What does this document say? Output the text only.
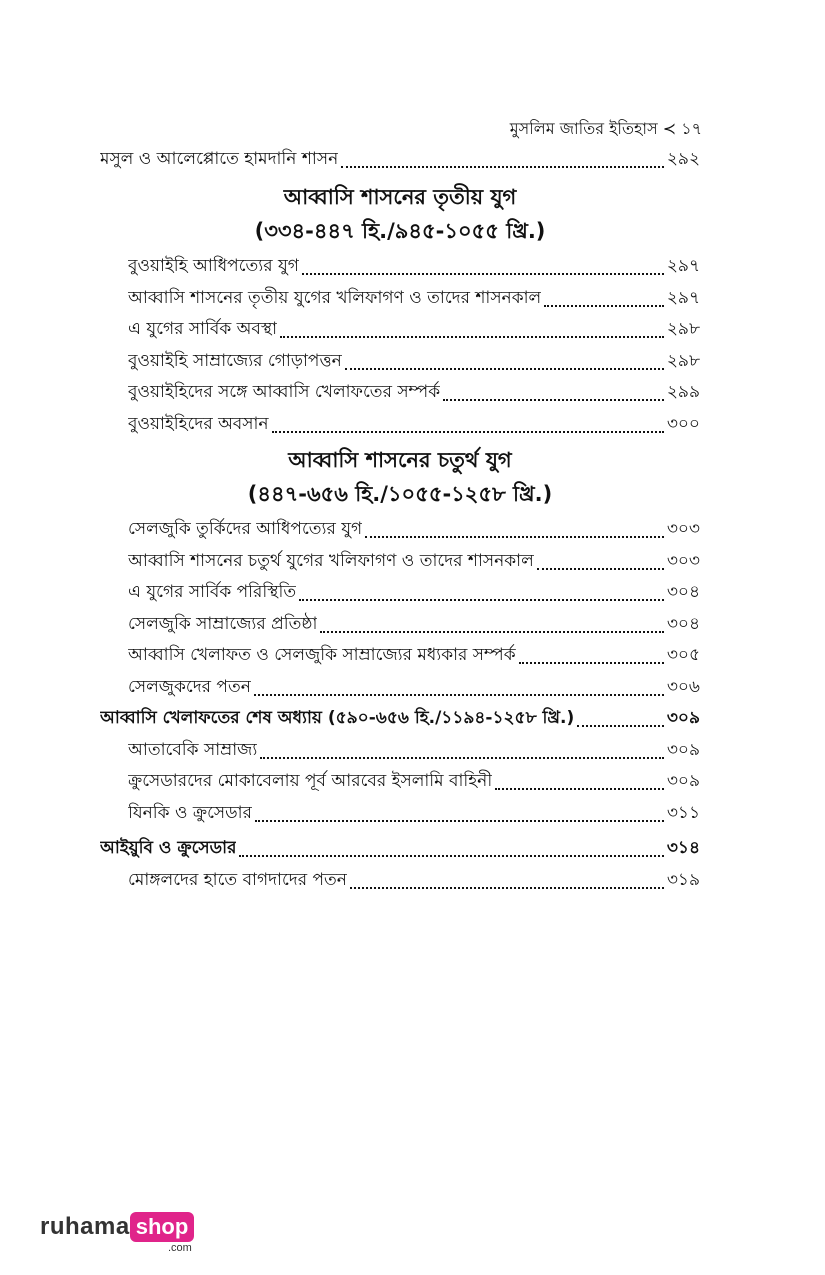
মুসলিম জাতির ইতিহাস ≺ ১৭
মসুল ও আলেপ্পোতে হামদানি শাসন	২৯২
আব্বাসি শাসনের তৃতীয় যুগ
(৩৩৪-৪৪৭ হি./৯৪৫-১০৫৫ খ্রি.)
বুওয়াইহি আধিপত্যের যুগ	২৯৭
আব্বাসি শাসনের তৃতীয় যুগের খলিফাগণ ও তাদের শাসনকাল	২৯৭
এ যুগের সার্বিক অবস্থা	২৯৮
বুওয়াইহি সাম্রাজ্যের গোড়াপত্তন	২৯৮
বুওয়াইহিদের সঙ্গে আব্বাসি খেলাফতের সম্পর্ক	২৯৯
বুওয়াইহিদের অবসান	৩০০
আব্বাসি শাসনের চতুর্থ যুগ
(৪৪৭-৬৫৬ হি./১০৫৫-১২৫৮ খ্রি.)
সেলজুকি তুর্কিদের আধিপত্যের যুগ	৩০৩
আব্বাসি শাসনের চতুর্থ যুগের খলিফাগণ ও তাদের শাসনকাল	৩০৩
এ যুগের সার্বিক পরিস্থিতি	৩০৪
সেলজুকি সাম্রাজ্যের প্রতিষ্ঠা	৩০৪
আব্বাসি খেলাফত ও সেলজুকি সাম্রাজ্যের মধ্যকার সম্পর্ক	৩০৫
সেলজুকদের পতন	৩০৬
আব্বাসি খেলাফতের শেষ অধ্যায় (৫৯০-৬৫৬ হি./১১৯৪-১২৫৮ খ্রি.)	৩০৯
আতাবেকি সাম্রাজ্য	৩০৯
ক্রুসেডারদের মোকাবেলায় পূর্ব আরবের ইসলামি বাহিনী	৩০৯
যিনকি ও ক্রুসেডার	৩১১
আইয়ুবি ও ক্রুসেডার	৩১৪
মোঙ্গলদের হাতে বাগদাদের পতন	৩১৯
ruhama shop
.com
